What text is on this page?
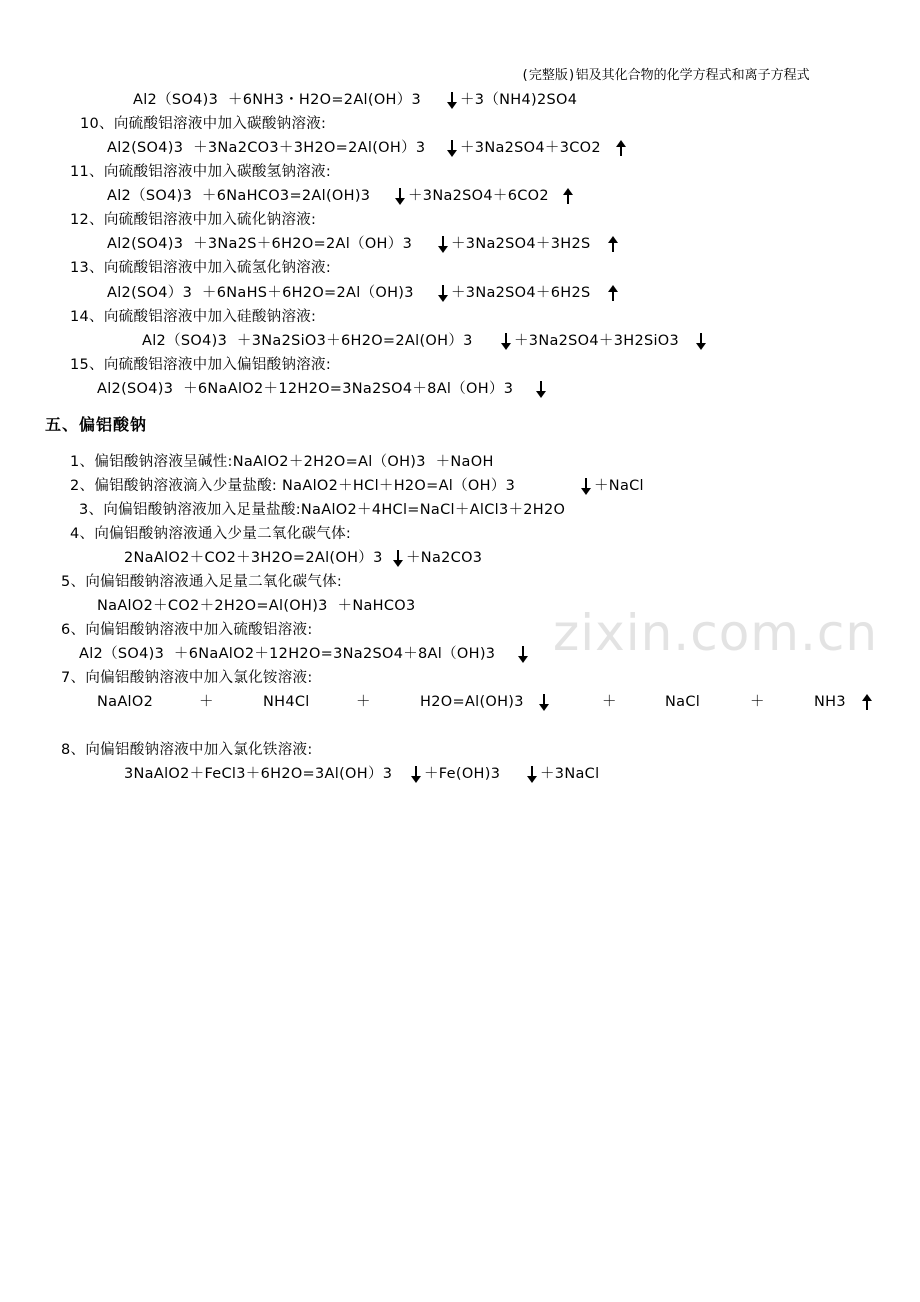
(完整版)铝及其化合物的化学方程式和离子方程式
Al2（SO4)3  ＋6NH3・H2O=2Al(OH）3	＋3（NH4)2SO4
10、向硫酸铝溶液中加入碳酸钠溶液:
Al2(SO4)3  ＋3Na2CO3＋3H2O=2Al(OH）3 ＋3Na2SO4＋3CO2
11、向硫酸铝溶液中加入碳酸氢钠溶液:
Al2（SO4)3  ＋6NaHCO3=2Al(OH)3	＋3Na2SO4＋6CO2
12、向硫酸铝溶液中加入硫化钠溶液:
Al2(SO4)3  ＋3Na2S＋6H2O=2Al（OH）3	＋3Na2SO4＋3H2S
13、向硫酸铝溶液中加入硫氢化钠溶液:
Al2(SO4）3  ＋6NaHS＋6H2O=2Al（OH)3	＋3Na2SO4＋6H2S
14、向硫酸铝溶液中加入硅酸钠溶液:
Al2（SO4)3  ＋3Na2SiO3＋6H2O=2Al(OH）3	＋3Na2SO4＋3H2SiO3
15、向硫酸铝溶液中加入偏铝酸钠溶液:
Al2(SO4)3  ＋6NaAlO2＋12H2O=3Na2SO4＋8Al（OH）3
五、偏铝酸钠
1、偏铝酸钠溶液呈碱性:NaAlO2＋2H2O=Al（OH)3  ＋NaOH
2、偏铝酸钠溶液滴入少量盐酸: NaAlO2＋HCl＋H2O=Al（OH）3	＋NaCl
3、向偏铝酸钠溶液加入足量盐酸:NaAlO2＋4HCl=NaCl＋AlCl3＋2H2O
4、向偏铝酸钠溶液通入少量二氧化碳气体:
2NaAlO2＋CO2＋3H2O=2Al(OH）3 ＋Na2CO3
5、向偏铝酸钠溶液通入足量二氧化碳气体:
NaAlO2＋CO2＋2H2O=Al(OH)3  ＋NaHCO3
6、向偏铝酸钠溶液中加入硫酸铝溶液:
Al2（SO4)3  ＋6NaAlO2＋12H2O=3Na2SO4＋8Al（OH)3
7、向偏铝酸钠溶液中加入氯化铵溶液:
NaAlO2	＋	NH4Cl	＋	H2O=Al(OH)3	＋	NaCl	＋	NH3
8、向偏铝酸钠溶液中加入氯化铁溶液:
3NaAlO2＋FeCl3＋6H2O=3Al(OH）3 ＋Fe(OH)3	＋3NaCl
zixin.com.cn
